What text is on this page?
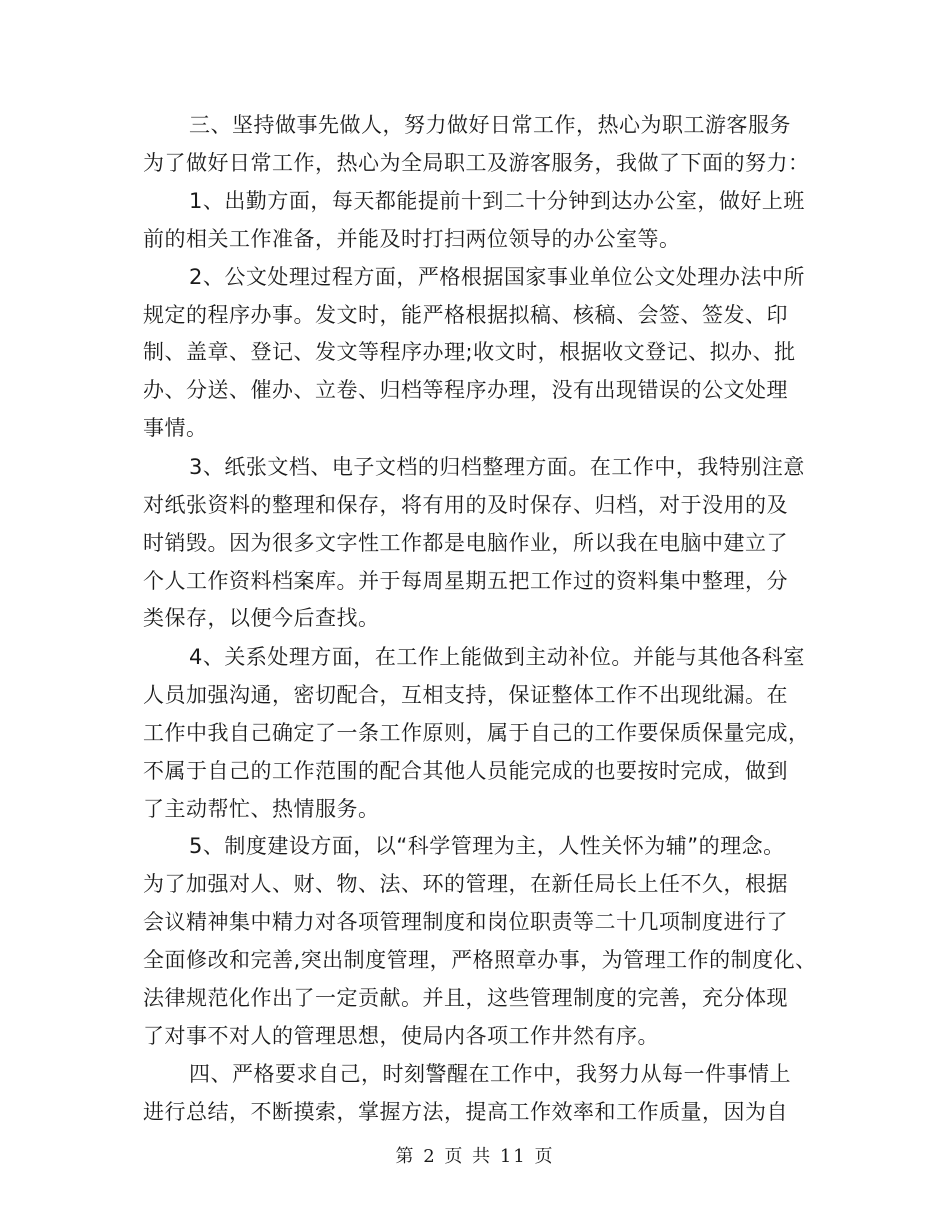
三、坚持做事先做人，努力做好日常工作，热心为职工游客服务
为了做好日常工作，热心为全局职工及游客服务，我做了下面的努力：
1、出勤方面，每天都能提前十到二十分钟到达办公室，做好上班
前的相关工作准备，并能及时打扫两位领导的办公室等。
2、公文处理过程方面，严格根据国家事业单位公文处理办法中所
规定的程序办事。发文时，能严格根据拟稿、核稿、会签、签发、印
制、盖章、登记、发文等程序办理;收文时，根据收文登记、拟办、批
办、分送、催办、立卷、归档等程序办理，没有出现错误的公文处理
事情。
3、纸张文档、电子文档的归档整理方面。在工作中，我特别注意
对纸张资料的整理和保存，将有用的及时保存、归档，对于没用的及
时销毁。因为很多文字性工作都是电脑作业，所以我在电脑中建立了
个人工作资料档案库。并于每周星期五把工作过的资料集中整理，分
类保存，以便今后查找。
4、关系处理方面，在工作上能做到主动补位。并能与其他各科室
人员加强沟通，密切配合，互相支持，保证整体工作不出现纰漏。在
工作中我自己确定了一条工作原则，属于自己的工作要保质保量完成，
不属于自己的工作范围的配合其他人员能完成的也要按时完成，做到
了主动帮忙、热情服务。
5、制度建设方面，以“科学管理为主，人性关怀为辅”的理念。
为了加强对人、财、物、法、环的管理，在新任局长上任不久，根据
会议精神集中精力对各项管理制度和岗位职责等二十几项制度进行了
全面修改和完善,突出制度管理，严格照章办事，为管理工作的制度化、
法律规范化作出了一定贡献。并且，这些管理制度的完善，充分体现
了对事不对人的管理思想，使局内各项工作井然有序。
四、严格要求自己，时刻警醒在工作中，我努力从每一件事情上
进行总结，不断摸索，掌握方法，提高工作效率和工作质量，因为自
第 2 页 共 11 页
